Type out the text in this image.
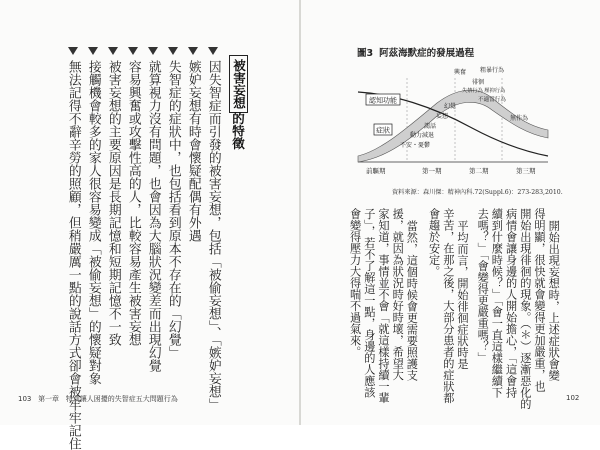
被害妄想
的特徵
因失智症而引發的被害妄想，包括「被偷妄想」、「嫉妒妄想」
嫉妒妄想有時會懷疑配偶有外遇
失智症的症狀中，也包括看到原本不存在的「幻覺」
就算視力沒有問題，也會因為大腦狀況變差而出現幻覺
容易興奮或攻擊性高的人，比較容易產生被害妄想
被害妄想的主要原因是長期記憶和短期記憶不一致
接觸機會較多的家人很容易變成「被偷妄想」的懷疑對象
無法記得不辭辛勞的照顧，但稍嚴厲一點的說話方式卻會被牢牢記住
103 第一章 特別讓人困擾的失智症五大問題行為
圖3 阿茲海默症的發展過程
認知功能
症狀
興奮 粗暴行為
徘徊
失禁行為 壓抑行為
不適當行為
幻覺
妄想
謅話
動力減退
不安・憂鬱
無作為
前驅期	第一期	第二期	第三期
資料來源：森川傑：精神內科.72(Suppl.6)：273-283,2010.
開始出現妄想時，上述症狀會變
得明顯，很快就會變得更加嚴重，也
開始出現徘徊的現象。（＊）逐漸惡化的
病情會讓身邊的人開始擔心，「這會持
續到什麼時候？」「會一直這樣繼續下
去嗎？」「會變得更嚴重嗎？」
平均而言，開始徘徊症狀時是
辛苦，在那之後，大部分患者的症狀都
會趨於安定。
當然，這個時候會更需要照護支
援，就因為狀況時好時壞，希望大
家知道，事情並不會「就這樣持續一輩
子」，若不了解這一點，身邊的人應該
會變得壓力大得喘不過氣來。
102
